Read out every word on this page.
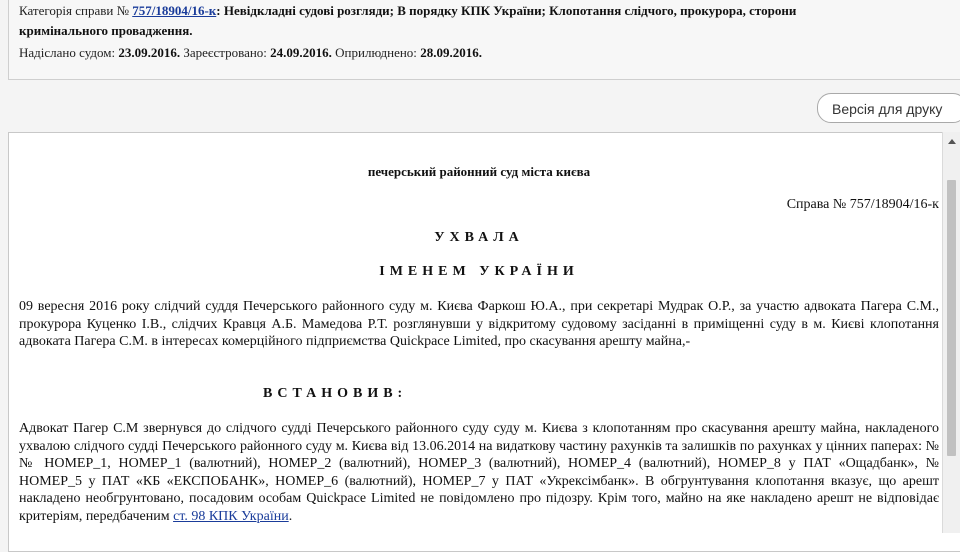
Категорія справи № 757/18904/16-к: Невідкладні судові розгляди; В порядку КПК України; Клопотання слідчого, прокурора, сторони
кримінального провадження.
Надіслано судом: 23.09.2016. Зареєстровано: 24.09.2016. Оприлюднено: 28.09.2016.
Версія для друку
печерський районний суд міста києва
Справа № 757/18904/16-к
УХВАЛА
ІМЕНЕМ УКРАЇНИ
09 вересня 2016 року слідчий суддя Печерського районного суду м. Києва Фаркош Ю.А., при секретарі Мудрак О.Р., за участю адвоката Пагера С.М., прокурора Куценко І.В., слідчих Кравця А.Б. Мамедова Р.Т. розглянувши у відкритому судовому засіданні в приміщенні суду в м. Києві клопотання адвоката Пагера С.М. в інтересах комерційного підприємства Quickpace Limited, про скасування арешту майна,-
ВСТАНОВИВ:
Адвокат Пагер С.М звернувся до слідчого судді Печерського районного суду суду м. Києва з клопотанням про скасування арешту майна, накладеного ухвалою слідчого судді Печерського районного суду м. Києва від 13.06.2014 на видаткову частину рахунків та залишків по рахунках у цінних паперах: № № НОМЕР_1, НОМЕР_1 (валютний), НОМЕР_2 (валютний), НОМЕР_3 (валютний), НОМЕР_4 (валютний), НОМЕР_8 у ПАТ «Ощадбанк», № НОМЕР_5 у ПАТ «КБ «ЕКСПОБАНК», НОМЕР_6 (валютний), НОМЕР_7 у ПАТ «Укрексімбанк». В обгрунтування клопотання вказує, що арешт накладено необгрунтовано, посадовим особам Quickpace Limited не повідомлено про підозру. Крім того, майно на яке накладено арешт не відповідає критеріям, передбаченим ст. 98 КПК України.
